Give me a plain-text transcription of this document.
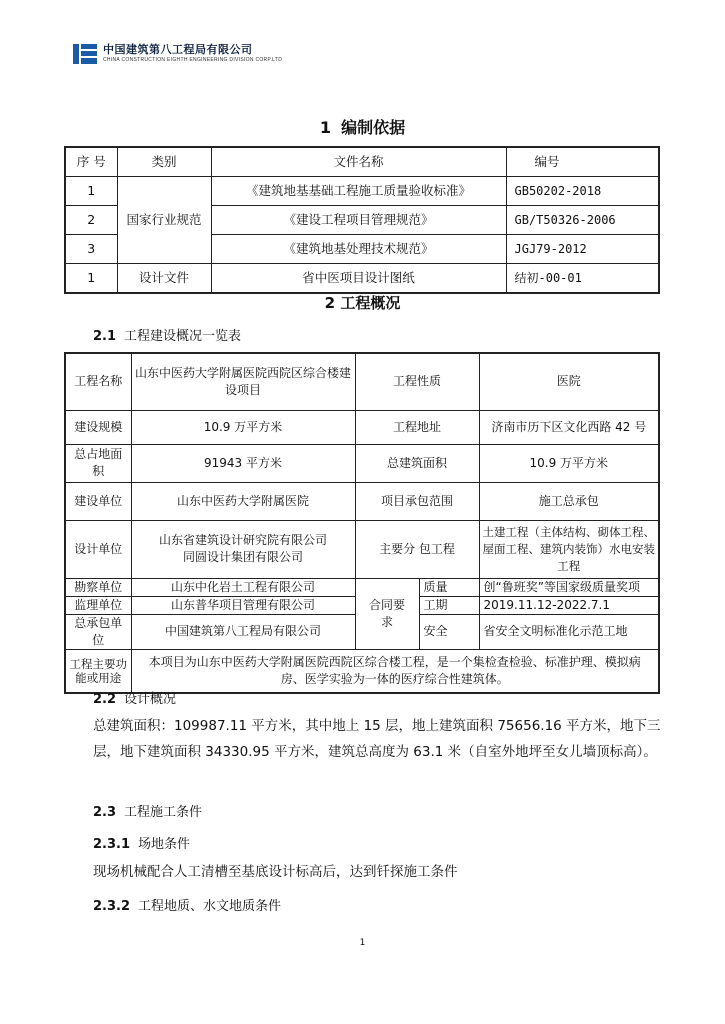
中国建筑第八工程局有限公司
CHINA CONSTRUCTION EIGHTH ENGINEERING DIVISION CORP.LTD
1 编制依据
序 号	类别	文件名称	编号
1	国家行业规范	《建筑地基基础工程施工质量验收标准》	GB50202-2018
2		《建设工程项目管理规范》	GB/T50326-2006
3		《建筑地基处理技术规范》	JGJ79-2012
1	设计文件	省中医项目设计图纸	结初-00-01
2 工程概况
2.1 工程建设概况一览表
工程名称	山东中医药大学附属医院西院区综合楼建设项目	工程性质		医院
建设规模	10.9 万平方米	工程地址		济南市历下区文化西路 42 号
总占地面积	91943 平方米	总建筑面积		10.9 万平方米
建设单位	山东中医药大学附属医院	项目承包范围		施工总承包
设计单位	山东省建筑设计研究院有限公司
同圆设计集团有限公司	主要分 包工程		土建工程（主体结构、砌体工程、屋面工程、建筑内装饰）水电安装工程
勘察单位	山东中化岩土工程有限公司	合同要求	质量	创“鲁班奖”等国家级质量奖项
监理单位	山东普华项目管理有限公司		工期	2019.11.12-2022.7.1
总承包单位	中国建筑第八工程局有限公司		安全	省安全文明标准化示范工地
工程主要功能或用途	本项目为山东中医药大学附属医院西院区综合楼工程，是一个集检查检验、标准护理、模拟病房、医学实验为一体的医疗综合性建筑体。			
2.2 设计概况
总建筑面积：109987.11 平方米，其中地上 15 层，地上建筑面积 75656.16 平方米，地下三层，地下建筑面积 34330.95 平方米，建筑总高度为 63.1 米（自室外地坪至女儿墙顶标高）。
2.3 工程施工条件
2.3.1 场地条件
现场机械配合人工清槽至基底设计标高后，达到钎探施工条件
2.3.2 工程地质、水文地质条件
1
